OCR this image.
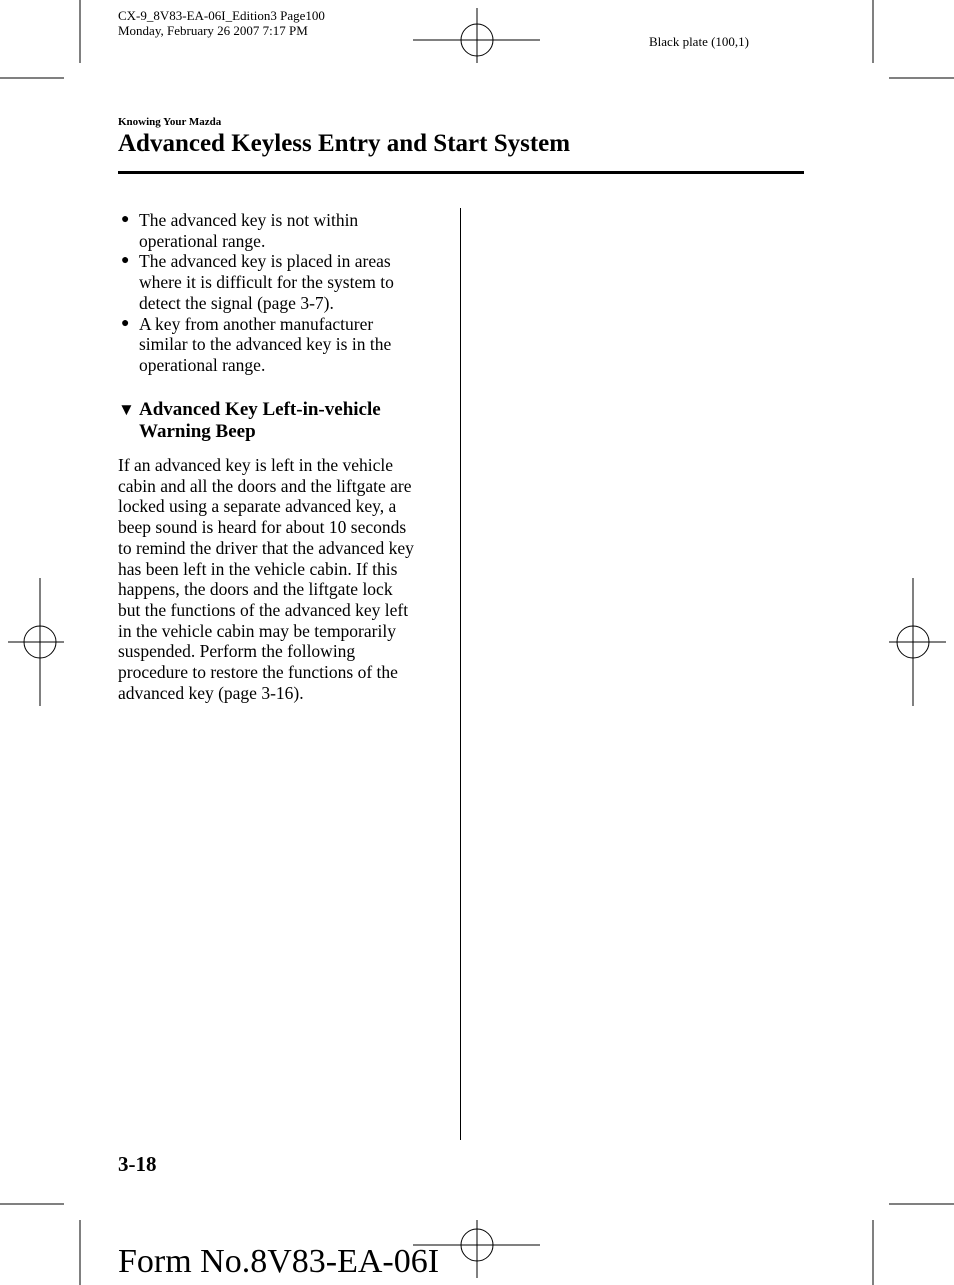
CX-9_8V83-EA-06I_Edition3 Page100
Monday, February 26 2007 7:17 PM
Black plate (100,1)
Knowing Your Mazda
Advanced Keyless Entry and Start System
● The advanced key is not within
operational range.
● The advanced key is placed in areas
where it is difficult for the system to
detect the signal (page 3-7).
● A key from another manufacturer
similar to the advanced key is in the
operational range.
▼ Advanced Key Left-in-vehicle
Warning Beep
If an advanced key is left in the vehicle
cabin and all the doors and the liftgate are
locked using a separate advanced key, a
beep sound is heard for about 10 seconds
to remind the driver that the advanced key
has been left in the vehicle cabin. If this
happens, the doors and the liftgate lock
but the functions of the advanced key left
in the vehicle cabin may be temporarily
suspended. Perform the following
procedure to restore the functions of the
advanced key (page 3-16).
3-18
Form No.8V83-EA-06I
